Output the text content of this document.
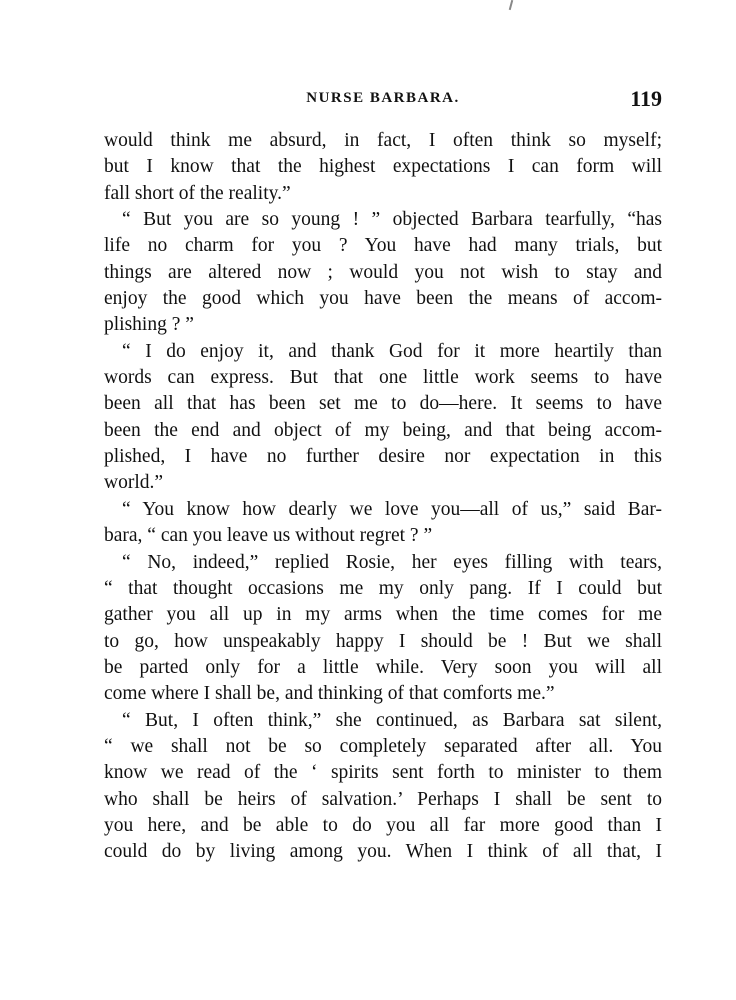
NURSE BARBARA.	119
would think me absurd, in fact, I often think so myself;
but I know that the highest expectations I can form will
fall short of the reality.”
“ But you are so young ! ” objected Barbara tearfully, “has
life no charm for you ? You have had many trials, but
things are altered now ; would you not wish to stay and
enjoy the good which you have been the means of accom-
plishing ? ”
“ I do enjoy it, and thank God for it more heartily than
words can express. But that one little work seems to have
been all that has been set me to do—here. It seems to have
been the end and object of my being, and that being accom-
plished, I have no further desire nor expectation in this
world.”
“ You know how dearly we love you—all of us,” said Bar-
bara, “ can you leave us without regret ? ”
“ No, indeed,” replied Rosie, her eyes filling with tears,
“ that thought occasions me my only pang. If I could but
gather you all up in my arms when the time comes for me
to go, how unspeakably happy I should be ! But we shall
be parted only for a little while. Very soon you will all
come where I shall be, and thinking of that comforts me.”
“ But, I often think,” she continued, as Barbara sat silent,
“ we shall not be so completely separated after all. You
know we read of the ‘ spirits sent forth to minister to them
who shall be heirs of salvation.’ Perhaps I shall be sent to
you here, and be able to do you all far more good than I
could do by living among you. When I think of all that, I
